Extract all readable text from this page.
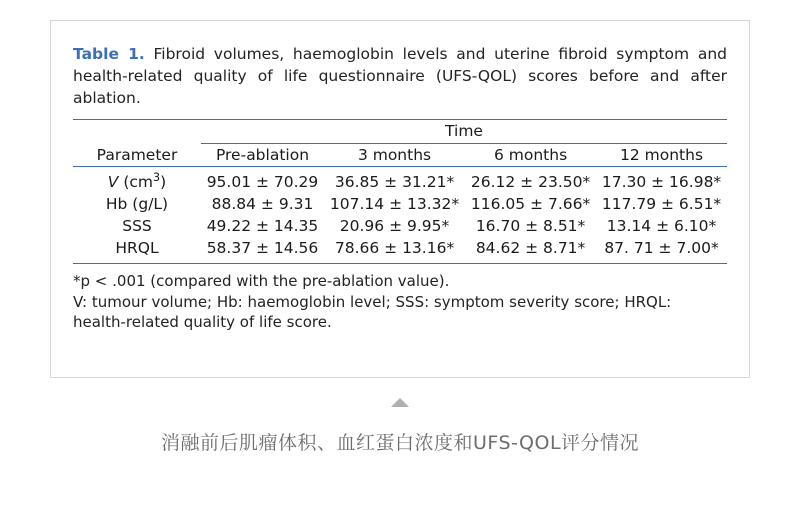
Table 1. Fibroid volumes, haemoglobin levels and uterine fibroid symptom and health-related quality of life questionnaire (UFS-QOL) scores before and after ablation.

	Time			

Parameter	Pre-ablation	3 months	6 months	12 months
V $(cm^3)$	95.01 ± 70.29	36.85 ± 31.21*	26.12 ± 23.50*	17.30 ± 16.98*
Hb (g/L)	88.84 ± 9.31	107.14 ± 13.32*	116.05 ± 7.66*	117.79 ± 6.51*
SSS	49.22 ± 14.35	20.96 ± 9.95*	16.70 ± 8.51*	13.14 ± 6.10*
HRQL	58.37 ± 14.56	78.66 ± 13.16*	84.62 ± 8.71*	87. 71 ± 7.00*

*p < .001 (compared with the pre-ablation value).

V: tumour volume; Hb: haemoglobin level; SSS: symptom severity score; HRQL: health-related quality of life score.

消融前后肌瘤体积、血红蛋白浓度和UFS-QOL评分情况
